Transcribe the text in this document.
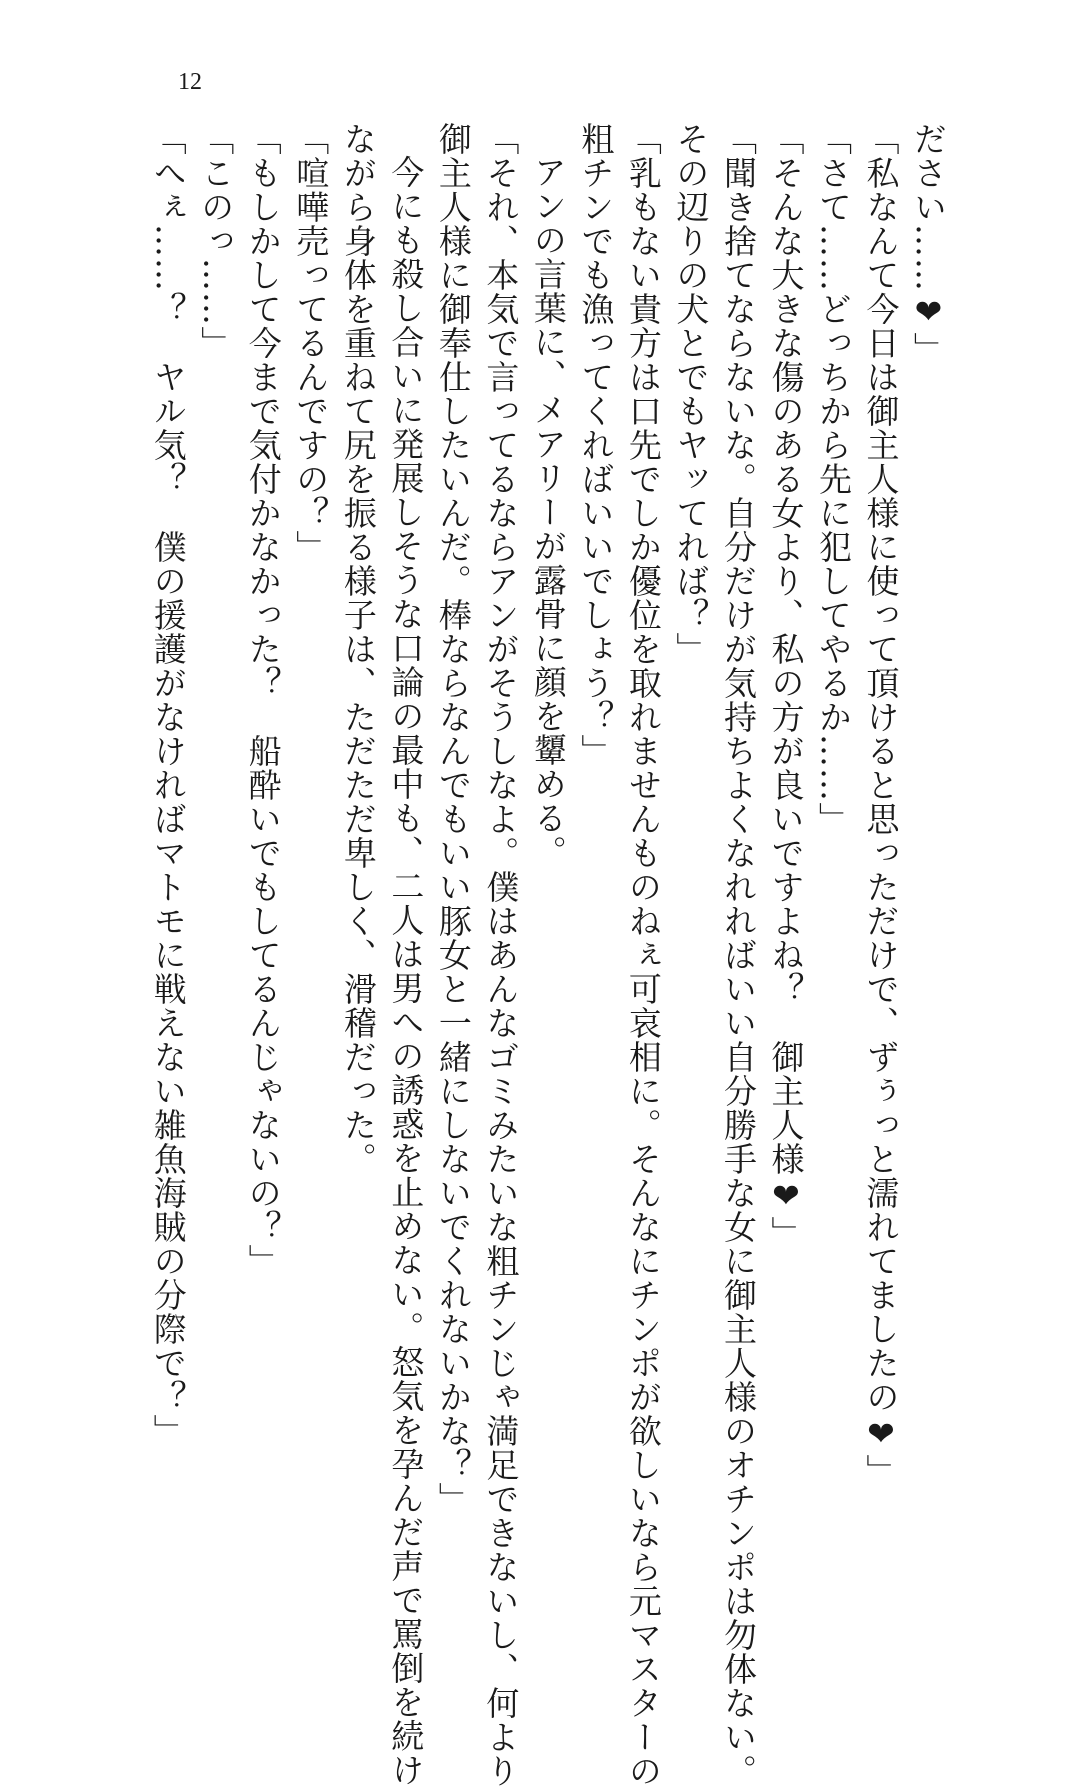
12
ださい……❤」
「私なんて今日は御主人様に使って頂けると思っただけで、ずぅっと濡れてましたの❤」
「さて……どっちから先に犯してやるか……」
「そんな大きな傷のある女より、私の方が良いですよね？　御主人様❤」
「聞き捨てならないな。自分だけが気持ちよくなれればいい自分勝手な女に御主人様のオチンポは勿体ない。
その辺りの犬とでもヤッてれば？」
「乳もない貴方は口先でしか優位を取れませんものねぇ可哀相に。そんなにチンポが欲しいなら元マスターの
粗チンでも漁ってくればいいでしょう？」
アンの言葉に、メアリーが露骨に顔を顰める。
「それ、本気で言ってるならアンがそうしなよ。僕はあんなゴミみたいな粗チンじゃ満足できないし、何より
御主人様に御奉仕したいんだ。棒ならなんでもいい豚女と一緒にしないでくれないかな？」
今にも殺し合いに発展しそうな口論の最中も、二人は男への誘惑を止めない。怒気を孕んだ声で罵倒を続け
ながら身体を重ねて尻を振る様子は、ただただ卑しく、滑稽だった。
「喧嘩売ってるんですの？」
「もしかして今まで気付かなかった？　船酔いでもしてるんじゃないの？」
「このっ……」
「へぇ……？　ヤル気？　僕の援護がなければマトモに戦えない雑魚海賊の分際で？」
